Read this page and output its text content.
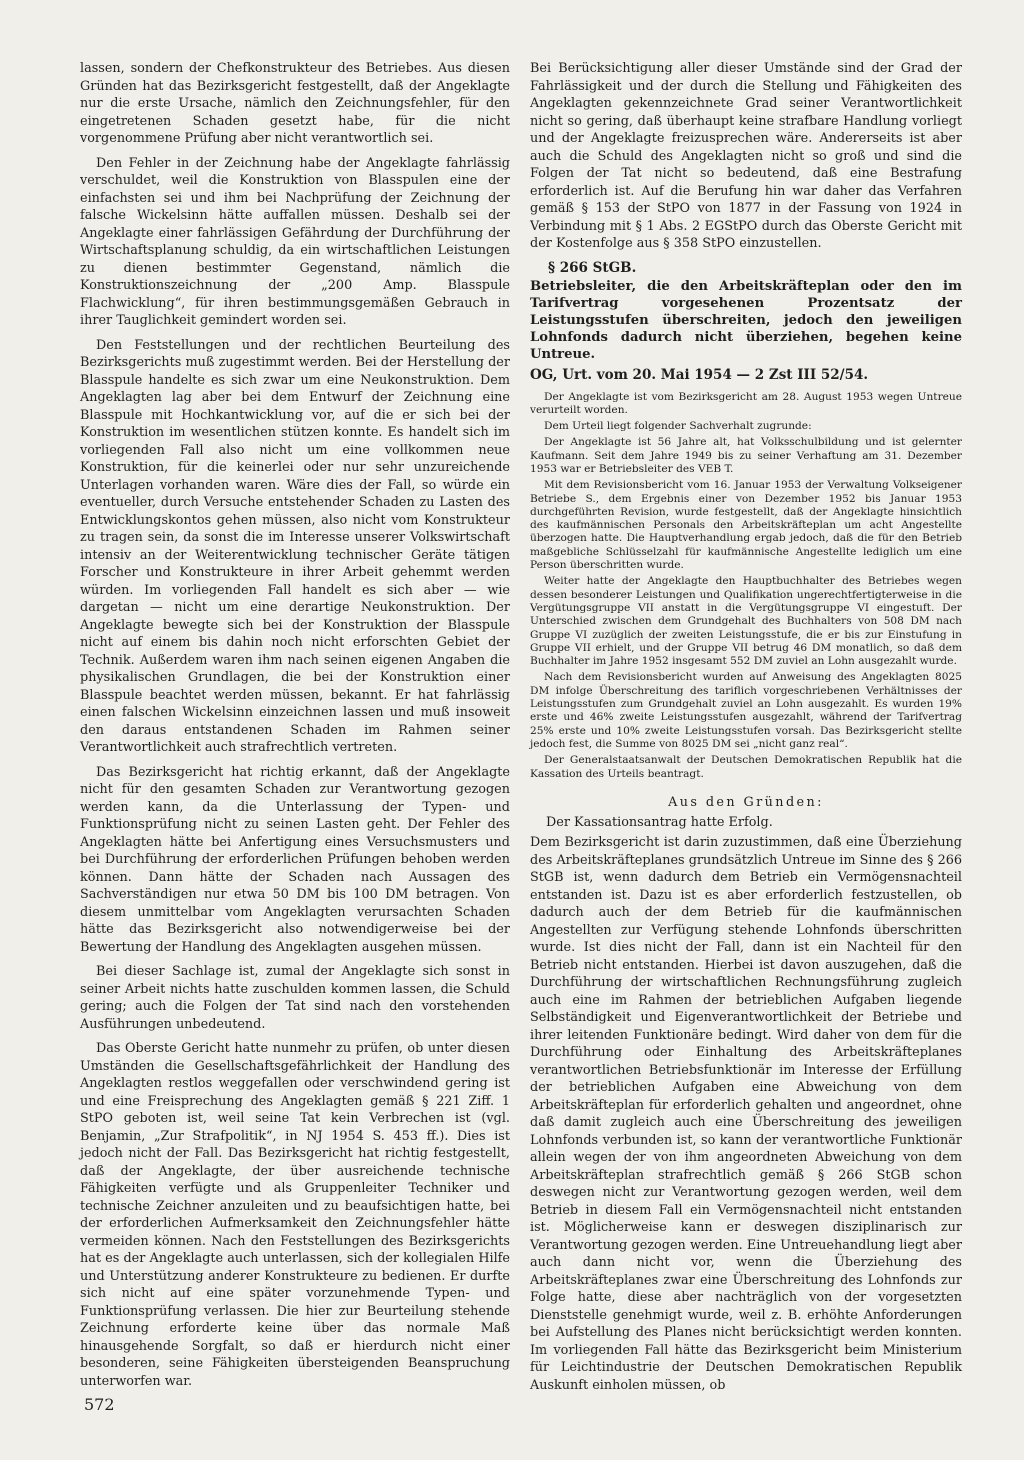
lassen, sondern der Chefkonstrukteur des Betriebes. Aus diesen Gründen hat das Bezirksgericht festgestellt, daß der Angeklagte nur die erste Ursache, nämlich den Zeichnungsfehler, für den eingetretenen Schaden gesetzt habe, für die nicht vorgenommene Prüfung aber nicht verantwortlich sei.

Den Fehler in der Zeichnung habe der Angeklagte fahrlässig verschuldet, weil die Konstruktion von Blasspulen eine der einfachsten sei und ihm bei Nachprüfung der Zeichnung der falsche Wickelsinn hätte auffallen müssen. Deshalb sei der Angeklagte einer fahrlässigen Gefährdung der Durchführung der Wirtschaftsplanung schuldig, da ein wirtschaftlichen Leistungen zu dienen bestimmter Gegenstand, nämlich die Konstruktionszeichnung der „200 Amp. Blasspule Flachwicklung“, für ihren bestimmungsgemäßen Gebrauch in ihrer Tauglichkeit gemindert worden sei.

Den Feststellungen und der rechtlichen Beurteilung des Bezirksgerichts muß zugestimmt werden. Bei der Herstellung der Blasspule handelte es sich zwar um eine Neukonstruktion. Dem Angeklagten lag aber bei dem Entwurf der Zeichnung eine Blasspule mit Hochkantwicklung vor, auf die er sich bei der Konstruktion im wesentlichen stützen konnte. Es handelt sich im vorliegenden Fall also nicht um eine vollkommen neue Konstruktion, für die keinerlei oder nur sehr unzureichende Unterlagen vorhanden waren. Wäre dies der Fall, so würde ein eventueller, durch Versuche entstehender Schaden zu Lasten des Entwicklungskontos gehen müssen, also nicht vom Konstrukteur zu tragen sein, da sonst die im Interesse unserer Volkswirtschaft intensiv an der Weiterentwicklung technischer Geräte tätigen Forscher und Konstrukteure in ihrer Arbeit gehemmt werden würden. Im vorliegenden Fall handelt es sich aber — wie dargetan — nicht um eine derartige Neukonstruktion. Der Angeklagte bewegte sich bei der Konstruktion der Blasspule nicht auf einem bis dahin noch nicht erforschten Gebiet der Technik. Außerdem waren ihm nach seinen eigenen Angaben die physikalischen Grundlagen, die bei der Konstruktion einer Blasspule beachtet werden müssen, bekannt. Er hat fahrlässig einen falschen Wickelsinn einzeichnen lassen und muß insoweit den daraus entstandenen Schaden im Rahmen seiner Verantwortlichkeit auch strafrechtlich vertreten.

Das Bezirksgericht hat richtig erkannt, daß der Angeklagte nicht für den gesamten Schaden zur Verantwortung gezogen werden kann, da die Unterlassung der Typen- und Funktionsprüfung nicht zu seinen Lasten geht. Der Fehler des Angeklagten hätte bei Anfertigung eines Versuchsmusters und bei Durchführung der erforderlichen Prüfungen behoben werden können. Dann hätte der Schaden nach Aussagen des Sachverständigen nur etwa 50 DM bis 100 DM betragen. Von diesem unmittelbar vom Angeklagten verursachten Schaden hätte das Bezirksgericht also notwendigerweise bei der Bewertung der Handlung des Angeklagten ausgehen müssen.

Bei dieser Sachlage ist, zumal der Angeklagte sich sonst in seiner Arbeit nichts hatte zuschulden kommen lassen, die Schuld gering; auch die Folgen der Tat sind nach den vorstehenden Ausführungen unbedeutend.

Das Oberste Gericht hatte nunmehr zu prüfen, ob unter diesen Umständen die Gesellschaftsgefährlichkeit der Handlung des Angeklagten restlos weggefallen oder verschwindend gering ist und eine Freisprechung des Angeklagten gemäß § 221 Ziff. 1 StPO geboten ist, weil seine Tat kein Verbrechen ist (vgl. Benjamin, „Zur Strafpolitik“, in NJ 1954 S. 453 ff.). Dies ist jedoch nicht der Fall. Das Bezirksgericht hat richtig festgestellt, daß der Angeklagte, der über ausreichende technische Fähigkeiten verfügte und als Gruppenleiter Techniker und technische Zeichner anzuleiten und zu beaufsichtigen hatte, bei der erforderlichen Aufmerksamkeit den Zeichnungsfehler hätte vermeiden können. Nach den Feststellungen des Bezirksgerichts hat es der Angeklagte auch unterlassen, sich der kollegialen Hilfe und Unterstützung anderer Konstrukteure zu bedienen. Er durfte sich nicht auf eine später vorzunehmende Typen- und Funktionsprüfung verlassen. Die hier zur Beurteilung stehende Zeichnung erforderte keine über das normale Maß hinausgehende Sorgfalt, so daß er hierdurch nicht einer besonderen, seine Fähigkeiten übersteigenden Beanspruchung unterworfen war.

Bei Berücksichtigung aller dieser Umstände sind der Grad der Fahrlässigkeit und der durch die Stellung und Fähigkeiten des Angeklagten gekennzeichnete Grad seiner Verantwortlichkeit nicht so gering, daß überhaupt keine strafbare Handlung vorliegt und der Angeklagte freizusprechen wäre. Andererseits ist aber auch die Schuld des Angeklagten nicht so groß und sind die Folgen der Tat nicht so bedeutend, daß eine Bestrafung erforderlich ist. Auf die Berufung hin war daher das Verfahren gemäß § 153 der StPO von 1877 in der Fassung von 1924 in Verbindung mit § 1 Abs. 2 EGStPO durch das Oberste Gericht mit der Kostenfolge aus § 358 StPO einzustellen.

§ 266 StGB.
Betriebsleiter, die den Arbeitskräfteplan oder den im Tarifvertrag vorgesehenen Prozentsatz der Leistungsstufen überschreiten, jedoch den jeweiligen Lohnfonds dadurch nicht überziehen, begehen keine Untreue.
OG, Urt. vom 20. Mai 1954 — 2 Zst III 52/54.

Der Angeklagte ist vom Bezirksgericht am 28. August 1953 wegen Untreue verurteilt worden.

Dem Urteil liegt folgender Sachverhalt zugrunde:

Der Angeklagte ist 56 Jahre alt, hat Volksschulbildung und ist gelernter Kaufmann. Seit dem Jahre 1949 bis zu seiner Verhaftung am 31. Dezember 1953 war er Betriebsleiter des VEB T.

Mit dem Revisionsbericht vom 16. Januar 1953 der Verwaltung Volkseigener Betriebe S., dem Ergebnis einer von Dezember 1952 bis Januar 1953 durchgeführten Revision, wurde festgestellt, daß der Angeklagte hinsichtlich des kaufmännischen Personals den Arbeitskräfteplan um acht Angestellte überzogen hatte. Die Hauptverhandlung ergab jedoch, daß die für den Betrieb maßgebliche Schlüsselzahl für kaufmännische Angestellte lediglich um eine Person überschritten wurde.

Weiter hatte der Angeklagte den Hauptbuchhalter des Betriebes wegen dessen besonderer Leistungen und Qualifikation ungerechtfertigterweise in die Vergütungsgruppe VII anstatt in die Vergütungsgruppe VI eingestuft. Der Unterschied zwischen dem Grundgehalt des Buchhalters von 508 DM nach Gruppe VI zuzüglich der zweiten Leistungsstufe, die er bis zur Einstufung in Gruppe VII erhielt, und der Gruppe VII betrug 46 DM monatlich, so daß dem Buchhalter im Jahre 1952 insgesamt 552 DM zuviel an Lohn ausgezahlt wurde.

Nach dem Revisionsbericht wurden auf Anweisung des Angeklagten 8025 DM infolge Überschreitung des tariflich vorgeschriebenen Verhältnisses der Leistungsstufen zum Grundgehalt zuviel an Lohn ausgezahlt. Es wurden 19% erste und 46% zweite Leistungsstufen ausgezahlt, während der Tarifvertrag 25% erste und 10% zweite Leistungsstufen vorsah. Das Bezirksgericht stellte jedoch fest, die Summe von 8025 DM sei „nicht ganz real“.

Der Generalstaatsanwalt der Deutschen Demokratischen Republik hat die Kassation des Urteils beantragt.

Aus den Gründen:
Der Kassationsantrag hatte Erfolg.

Dem Bezirksgericht ist darin zuzustimmen, daß eine Überziehung des Arbeitskräfteplanes grundsätzlich Untreue im Sinne des § 266 StGB ist, wenn dadurch dem Betrieb ein Vermögensnachteil entstanden ist. Dazu ist es aber erforderlich festzustellen, ob dadurch auch der dem Betrieb für die kaufmännischen Angestellten zur Verfügung stehende Lohnfonds überschritten wurde. Ist dies nicht der Fall, dann ist ein Nachteil für den Betrieb nicht entstanden. Hierbei ist davon auszugehen, daß die Durchführung der wirtschaftlichen Rechnungsführung zugleich auch eine im Rahmen der betrieblichen Aufgaben liegende Selbständigkeit und Eigenverantwortlichkeit der Betriebe und ihrer leitenden Funktionäre bedingt. Wird daher von dem für die Durchführung oder Einhaltung des Arbeitskräfteplanes verantwortlichen Betriebsfunktionär im Interesse der Erfüllung der betrieblichen Aufgaben eine Abweichung von dem Arbeitskräfteplan für erforderlich gehalten und angeordnet, ohne daß damit zugleich auch eine Überschreitung des jeweiligen Lohnfonds verbunden ist, so kann der verantwortliche Funktionär allein wegen der von ihm angeordneten Abweichung von dem Arbeitskräfteplan strafrechtlich gemäß § 266 StGB schon deswegen nicht zur Verantwortung gezogen werden, weil dem Betrieb in diesem Fall ein Vermögensnachteil nicht entstanden ist. Möglicherweise kann er deswegen disziplinarisch zur Verantwortung gezogen werden. Eine Untreuehandlung liegt aber auch dann nicht vor, wenn die Überziehung des Arbeitskräfteplanes zwar eine Überschreitung des Lohnfonds zur Folge hatte, diese aber nachträglich von der vorgesetzten Dienststelle genehmigt wurde, weil z. B. erhöhte Anforderungen bei Aufstellung des Planes nicht berücksichtigt werden konnten. Im vorliegenden Fall hätte das Bezirksgericht beim Ministerium für Leichtindustrie der Deutschen Demokratischen Republik Auskunft einholen müssen, ob

572
